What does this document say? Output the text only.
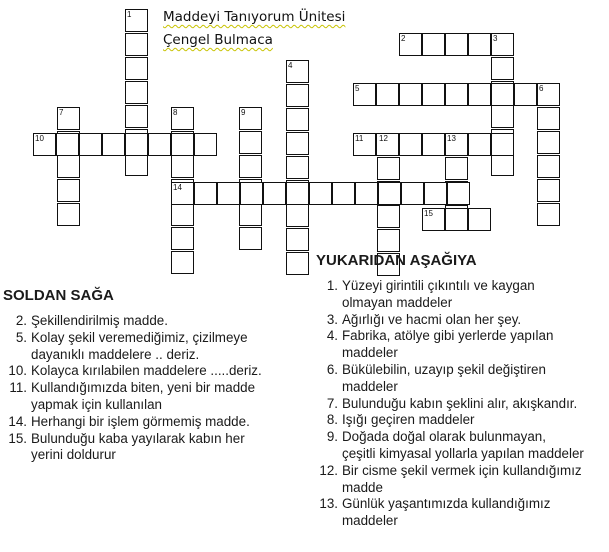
1
2	3
4
5	6
7	8	9
10	11 12	13
14
15
Maddeyi Tanıyorum Ünitesi
Çengel Bulmaca
SOLDAN SAĞA
2. Şekillendirilmiş madde.
5. Kolay şekil veremediğimiz, çizilmeye
dayanıklı maddelere .. deriz.
10. Kolayca kırılabilen maddelere .....deriz.
11. Kullandığımızda biten, yeni bir madde
yapmak için kullanılan
14. Herhangi bir işlem görmemiş madde.
15. Bulunduğu kaba yayılarak kabın her
yerini doldurur
YUKARIDAN AŞAĞIYA
1. Yüzeyi girintili çıkıntılı ve kaygan
olmayan maddeler
3. Ağırlığı ve hacmi olan her şey.
4. Fabrika, atölye gibi yerlerde yapılan
maddeler
6. Bükülebilin, uzayıp şekil değiştiren
maddeler
7. Bulunduğu kabın şeklini alır, akışkandır.
8. Işığı geçiren maddeler
9. Doğada doğal olarak bulunmayan,
çeşitli kimyasal yollarla yapılan maddeler
12. Bir cisme şekil vermek için kullandığımız
madde
13. Günlük yaşantımızda kullandığımız
maddeler
